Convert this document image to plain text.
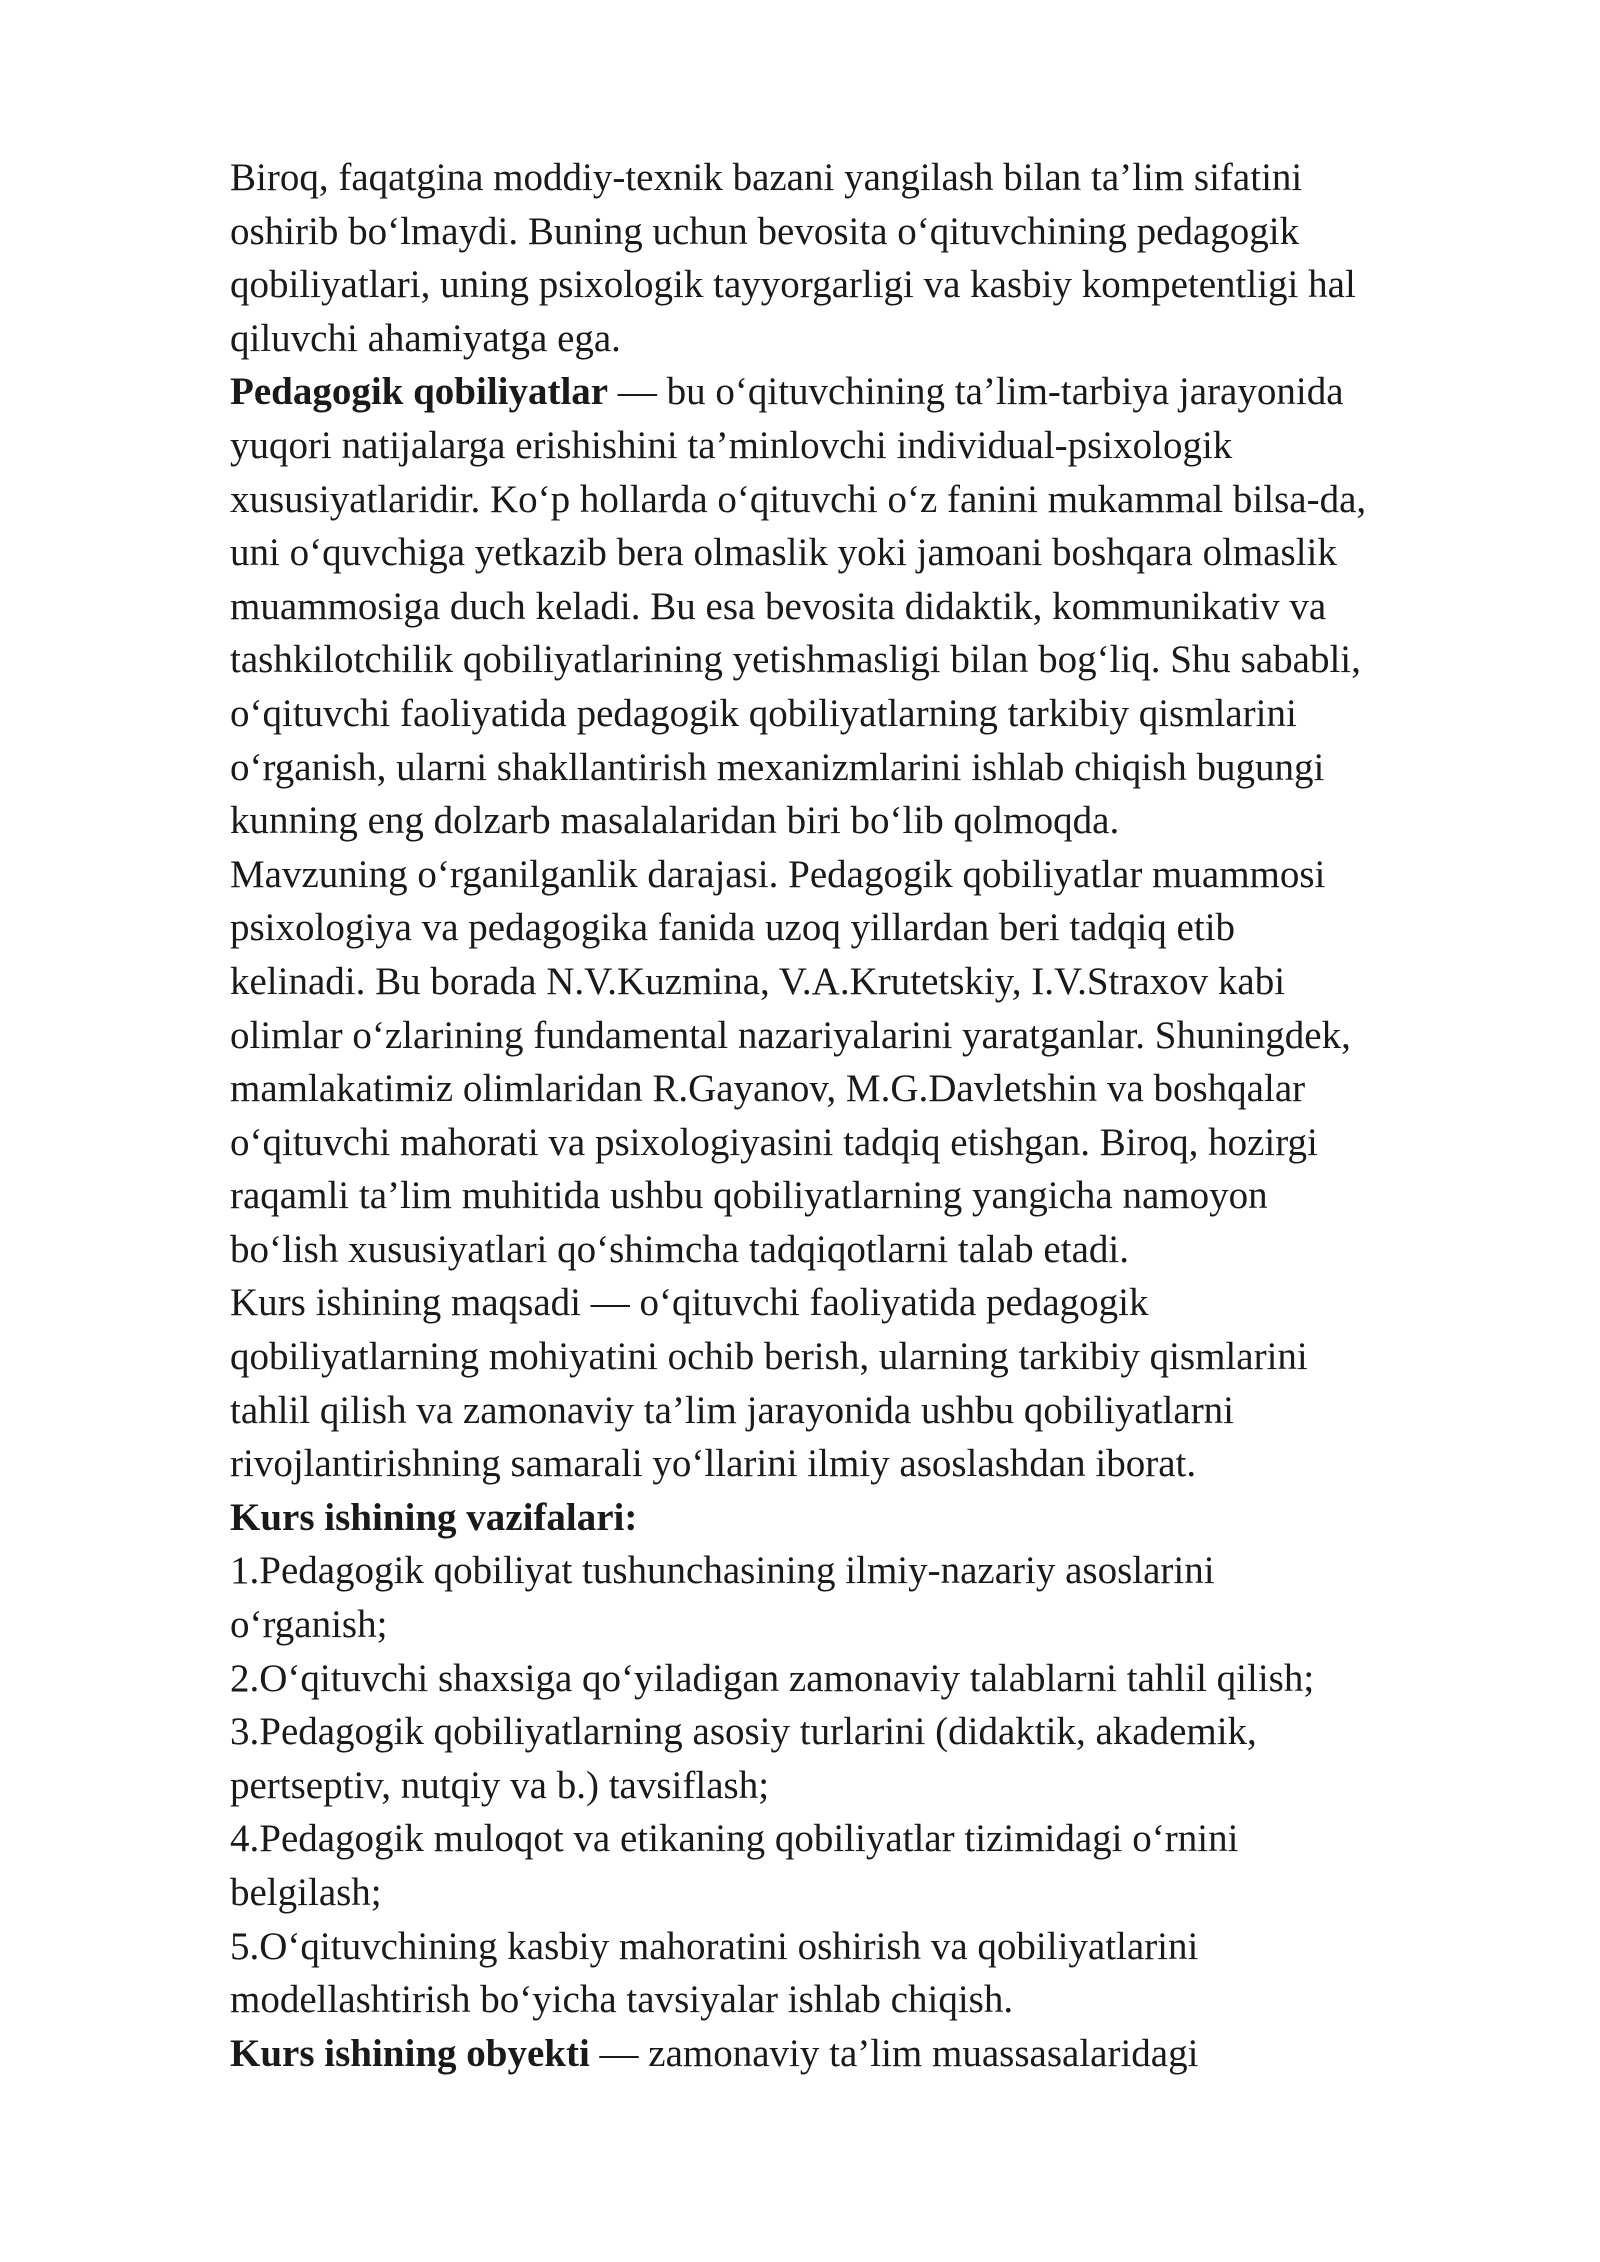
Biroq, faqatgina moddiy-texnik bazani yangilash bilan ta’lim sifatini
oshirib bo‘lmaydi. Buning uchun bevosita o‘qituvchining pedagogik
qobiliyatlari, uning psixologik tayyorgarligi va kasbiy kompetentligi hal
qiluvchi ahamiyatga ega.

Pedagogik qobiliyatlar — bu o‘qituvchining ta’lim-tarbiya jarayonida
yuqori natijalarga erishishini ta’minlovchi individual-psixologik
xususiyatlaridir. Ko‘p hollarda o‘qituvchi o‘z fanini mukammal bilsa-da,
uni o‘quvchiga yetkazib bera olmaslik yoki jamoani boshqara olmaslik
muammosiga duch keladi. Bu esa bevosita didaktik, kommunikativ va
tashkilotchilik qobiliyatlarining yetishmasligi bilan bog‘liq. Shu sababli,
o‘qituvchi faoliyatida pedagogik qobiliyatlarning tarkibiy qismlarini
o‘rganish, ularni shakllantirish mexanizmlarini ishlab chiqish bugungi
kunning eng dolzarb masalalaridan biri bo‘lib qolmoqda.

Mavzuning o‘rganilganlik darajasi. Pedagogik qobiliyatlar muammosi
psixologiya va pedagogika fanida uzoq yillardan beri tadqiq etib
kelinadi. Bu borada N.V.Kuzmina, V.A.Krutetskiy, I.V.Straxov kabi
olimlar o‘zlarining fundamental nazariyalarini yaratganlar. Shuningdek,
mamlakatimiz olimlaridan R.Gayanov, M.G.Davletshin va boshqalar
o‘qituvchi mahorati va psixologiyasini tadqiq etishgan. Biroq, hozirgi
raqamli ta’lim muhitida ushbu qobiliyatlarning yangicha namoyon
bo‘lish xususiyatlari qo‘shimcha tadqiqotlarni talab etadi.

Kurs ishining maqsadi — o‘qituvchi faoliyatida pedagogik
qobiliyatlarning mohiyatini ochib berish, ularning tarkibiy qismlarini
tahlil qilish va zamonaviy ta’lim jarayonida ushbu qobiliyatlarni
rivojlantirishning samarali yo‘llarini ilmiy asoslashdan iborat.

Kurs ishining vazifalari:

1.Pedagogik qobiliyat tushunchasining ilmiy-nazariy asoslarini
o‘rganish;

2.O‘qituvchi shaxsiga qo‘yiladigan zamonaviy talablarni tahlil qilish;

3.Pedagogik qobiliyatlarning asosiy turlarini (didaktik, akademik,
pertseptiv, nutqiy va b.) tavsiflash;

4.Pedagogik muloqot va etikaning qobiliyatlar tizimidagi o‘rnini
belgilash;

5.O‘qituvchining kasbiy mahoratini oshirish va qobiliyatlarini
modellashtirish bo‘yicha tavsiyalar ishlab chiqish.

Kurs ishining obyekti — zamonaviy ta’lim muassasalaridagi
